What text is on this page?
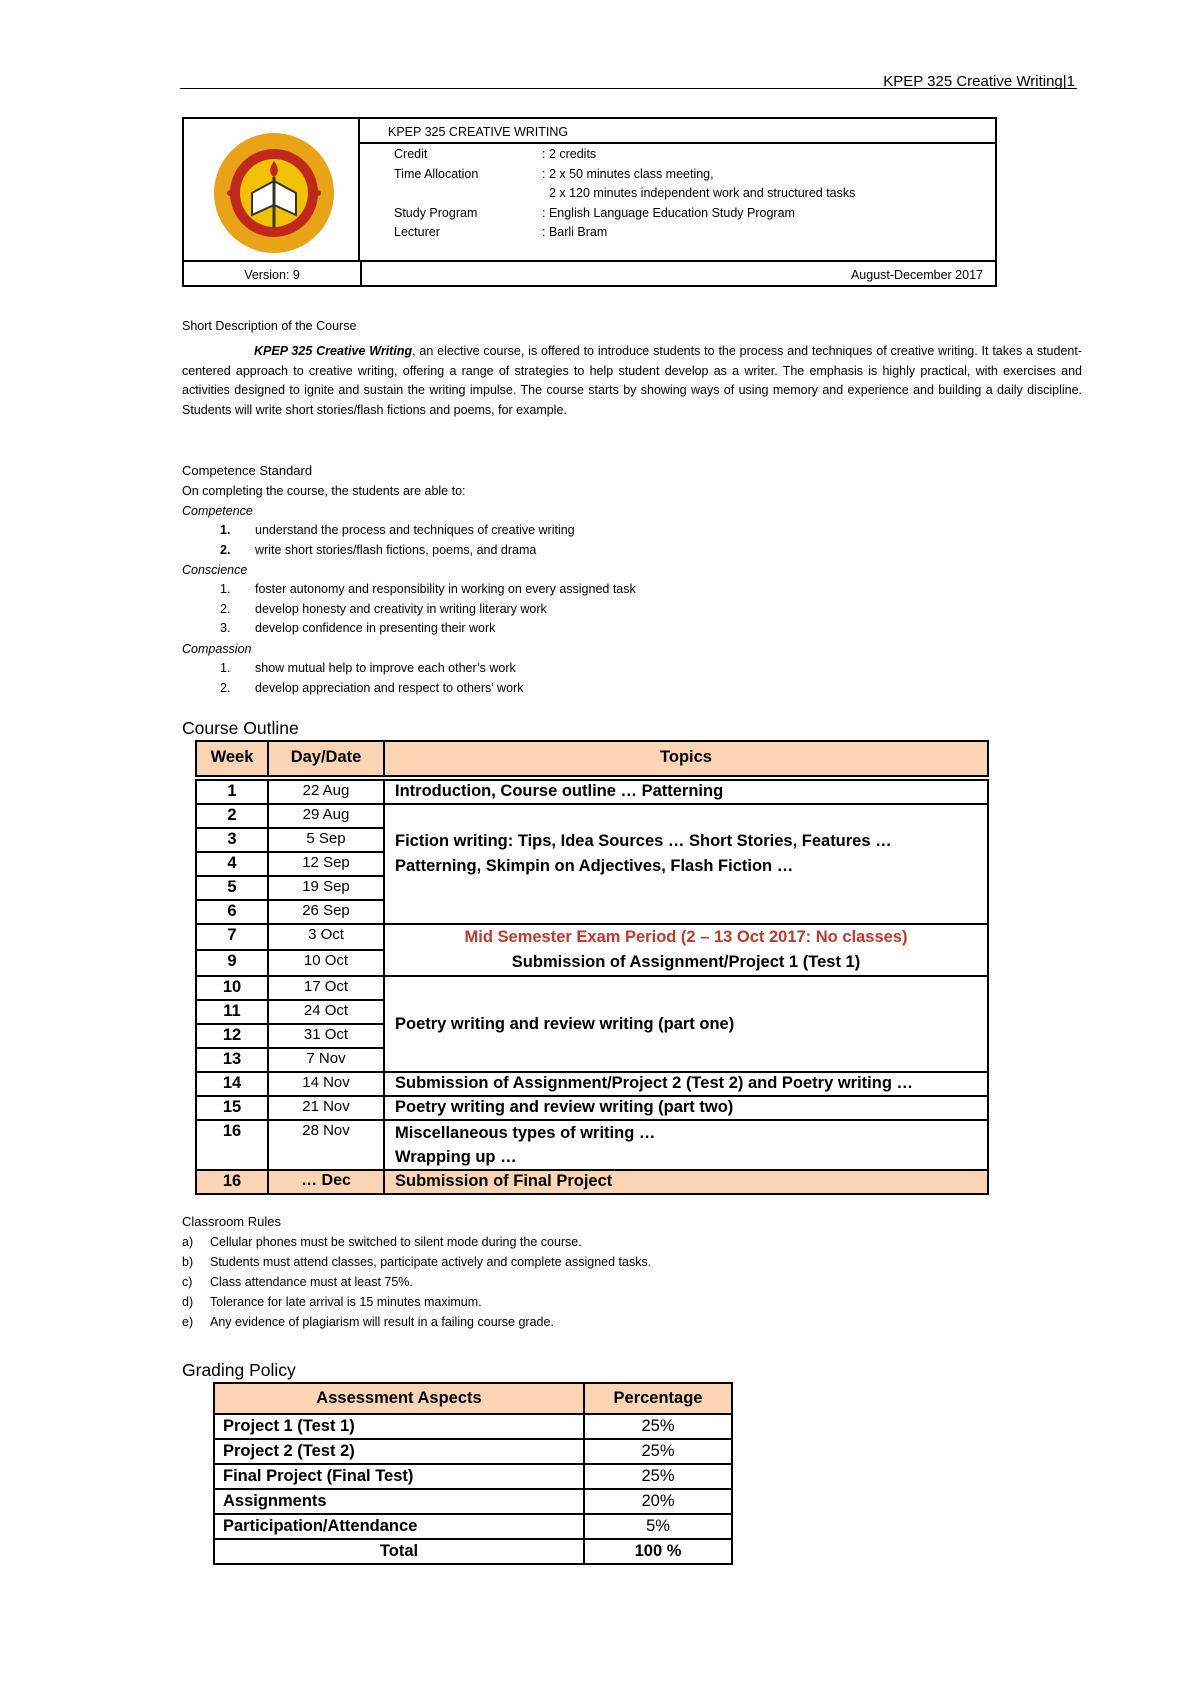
KPEP 325 Creative Writing|1
KPEP 325 CREATIVE WRITING
Credit	: 2 credits
Time Allocation	: 2 x 50 minutes class meeting,
2 x 120 minutes independent work and structured tasks
Study Program	: English Language Education Study Program
Lecturer	: Barli Bram
Version: 9	August-December 2017
Short Description of the Course
KPEP 325 Creative Writing, an elective course, is offered to introduce students to the process and techniques of creative writing. It takes a student-centered approach to creative writing, offering a range of strategies to help student develop as a writer. The emphasis is highly practical, with exercises and activities designed to ignite and sustain the writing impulse. The course starts by showing ways of using memory and experience and building a daily discipline. Students will write short stories/flash fictions and poems, for example.
Competence Standard
On completing the course, the students are able to:
Competence
1. understand the process and techniques of creative writing
2. write short stories/flash fictions, poems, and drama
Conscience
1. foster autonomy and responsibility in working on every assigned task
2. develop honesty and creativity in writing literary work
3. develop confidence in presenting their work
Compassion
1. show mutual help to improve each other’s work
2. develop appreciation and respect to others’ work
Course Outline
Week	Day/Date	Topics

1	22 Aug	Introduction, Course outline … Patterning
2	29 Aug	Fiction writing: Tips, Idea Sources … Short Stories, Features …
Patterning, Skimpin on Adjectives, Flash Fiction …

3	5 Sep	
4	12 Sep	
5	19 Sep	
6	26 Sep	
7	3 Oct	Mid Semester Exam Period (2 – 13 Oct 2017: No classes)
Submission of Assignment/Project 1 (Test 1)

9	10 Oct	
10	17 Oct	Poetry writing and review writing (part one)
11	24 Oct	
12	31 Oct	
13	7 Nov	
14	14 Nov	Submission of Assignment/Project 2 (Test 2) and Poetry writing …
15	21 Nov	Poetry writing and review writing (part two)
16	28 Nov	Miscellaneous types of writing …
Wrapping up …

16	… Dec	Submission of Final Project
Classroom Rules
a)	Cellular phones must be switched to silent mode during the course.
b)	Students must attend classes, participate actively and complete assigned tasks.
c)	Class attendance must at least 75%.
d)	Tolerance for late arrival is 15 minutes maximum.
e)	Any evidence of plagiarism will result in a failing course grade.
Grading Policy
Assessment Aspects	Percentage
Project 1 (Test 1)	25%
Project 2 (Test 2)	25%
Final Project (Final Test)	25%
Assignments	20%
Participation/Attendance	5%
Total	100 %
